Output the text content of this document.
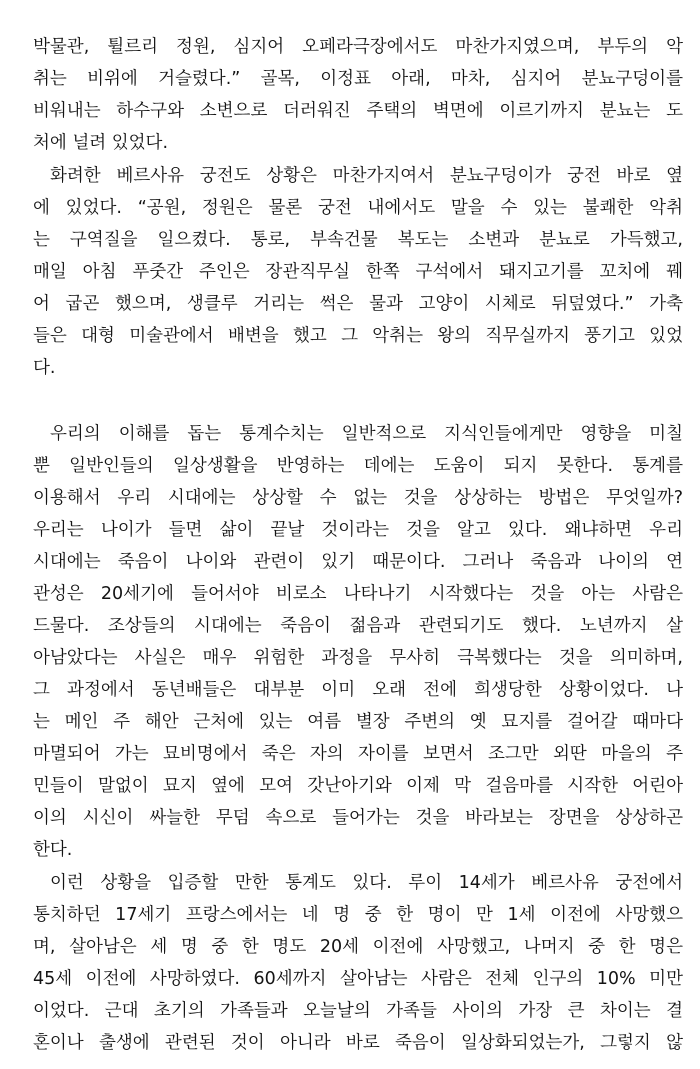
박물관, 튈르리 정원, 심지어 오페라극장에서도 마찬가지였으며, 부두의 악
취는 비위에 거슬렸다.” 골목, 이정표 아래, 마차, 심지어 분뇨구덩이를
비워내는 하수구와 소변으로 더러워진 주택의 벽면에 이르기까지 분뇨는 도
처에 널려 있었다.
화려한 베르사유 궁전도 상황은 마찬가지여서 분뇨구덩이가 궁전 바로 옆
에 있었다. “공원, 정원은 물론 궁전 내에서도 말을 수 있는 불쾌한 악취
는 구역질을 일으켰다. 통로, 부속건물 복도는 소변과 분뇨로 가득했고,
매일 아침 푸줏간 주인은 장관직무실 한쪽 구석에서 돼지고기를 꼬치에 꿰
어 굽곤 했으며, 생클루 거리는 썩은 물과 고양이 시체로 뒤덮였다.” 가축
들은 대형 미술관에서 배변을 했고 그 악취는 왕의 직무실까지 풍기고 있었
다.
우리의 이해를 돕는 통계수치는 일반적으로 지식인들에게만 영향을 미칠
뿐 일반인들의 일상생활을 반영하는 데에는 도움이 되지 못한다. 통계를
이용해서 우리 시대에는 상상할 수 없는 것을 상상하는 방법은 무엇일까?
우리는 나이가 들면 삶이 끝날 것이라는 것을 알고 있다. 왜냐하면 우리
시대에는 죽음이 나이와 관련이 있기 때문이다. 그러나 죽음과 나이의 연
관성은 20세기에 들어서야 비로소 나타나기 시작했다는 것을 아는 사람은
드물다. 조상들의 시대에는 죽음이 젊음과 관련되기도 했다. 노년까지 살
아남았다는 사실은 매우 위험한 과정을 무사히 극복했다는 것을 의미하며,
그 과정에서 동년배들은 대부분 이미 오래 전에 희생당한 상황이었다. 나
는 메인 주 해안 근처에 있는 여름 별장 주변의 옛 묘지를 걸어갈 때마다
마멸되어 가는 묘비명에서 죽은 자의 자이를 보면서 조그만 외딴 마을의 주
민들이 말없이 묘지 옆에 모여 갓난아기와 이제 막 걸음마를 시작한 어린아
이의 시신이 싸늘한 무덤 속으로 들어가는 것을 바라보는 장면을 상상하곤
한다.
이런 상황을 입증할 만한 통계도 있다. 루이 14세가 베르사유 궁전에서
통치하던 17세기 프랑스에서는 네 명 중 한 명이 만 1세 이전에 사망했으
며, 살아남은 세 명 중 한 명도 20세 이전에 사망했고, 나머지 중 한 명은
45세 이전에 사망하였다. 60세까지 살아남는 사람은 전체 인구의 10% 미만
이었다. 근대 초기의 가족들과 오늘날의 가족들 사이의 가장 큰 차이는 결
혼이나 출생에 관련된 것이 아니라 바로 죽음이 일상화되었는가, 그렇지 않
